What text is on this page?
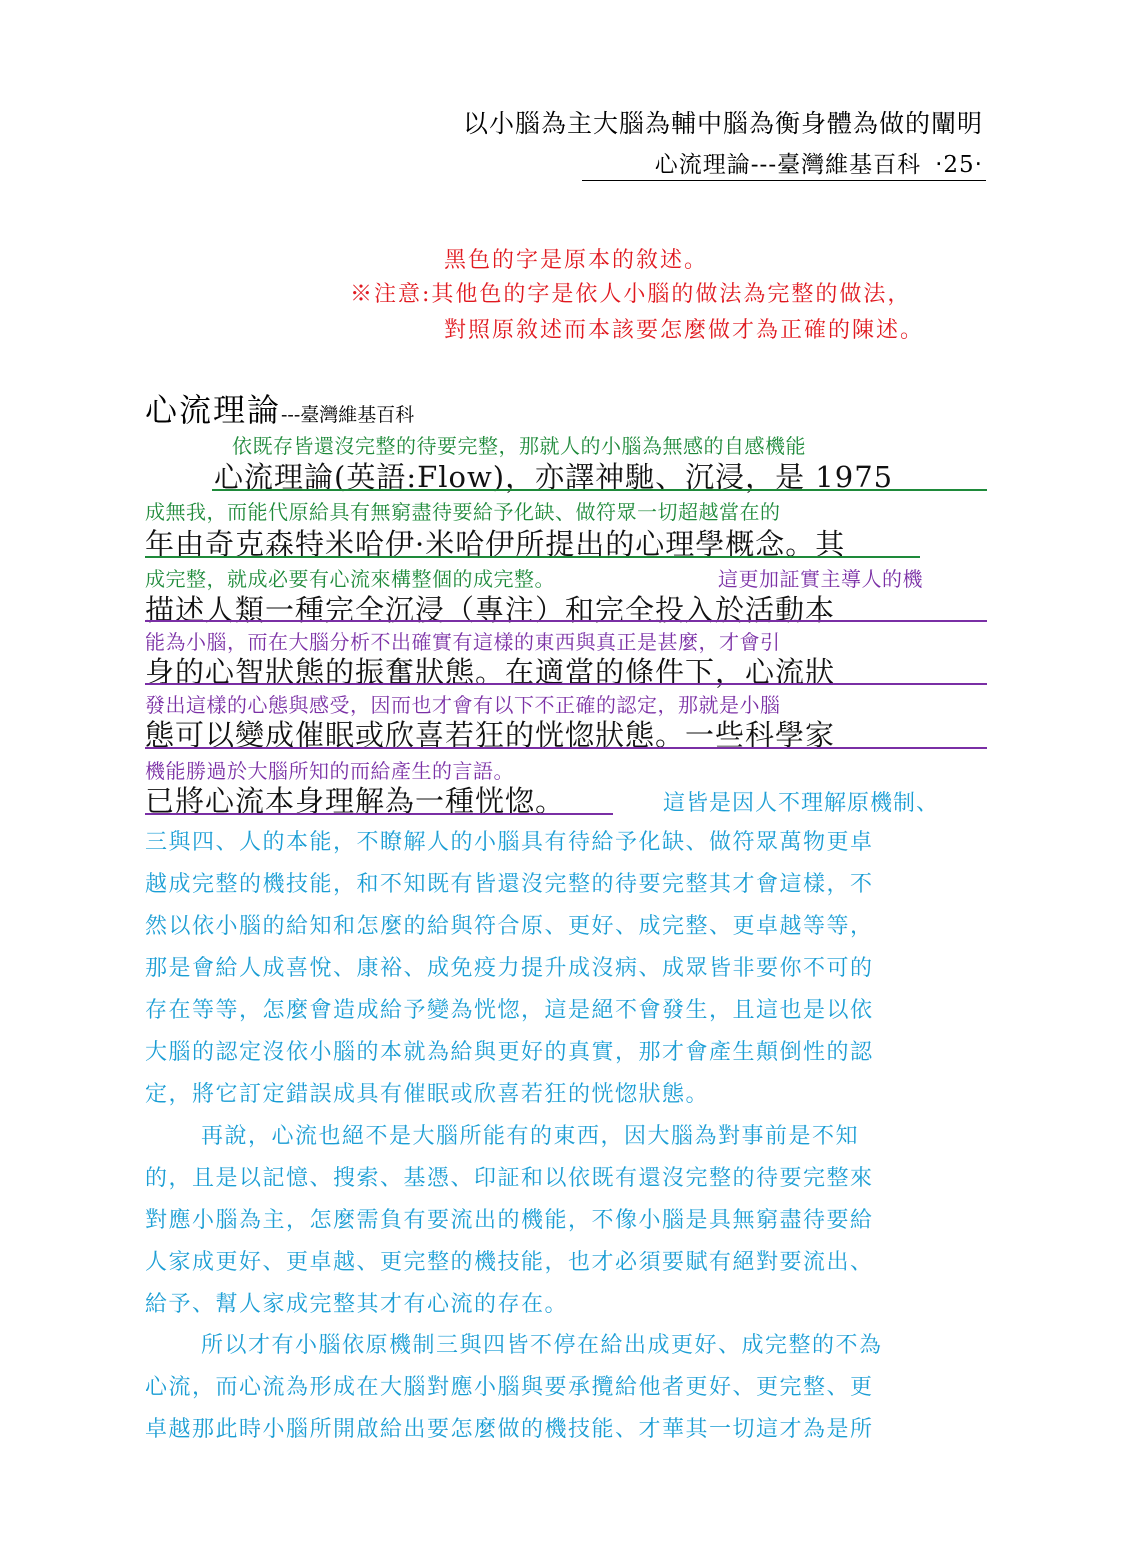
以小腦為主大腦為輔中腦為衡身體為做的闡明
心流理論---臺灣維基百科 ‧25‧
黑色的字是原本的敘述。
※注意:其他色的字是依人小腦的做法為完整的做法，
對照原敘述而本該要怎麼做才為正確的陳述。
心流理論---臺灣維基百科
依既存皆還沒完整的待要完整，那就人的小腦為無感的自感機能
心流理論(英語:Flow)，亦譯神馳、沉浸，是 1975
成無我，而能代原給具有無窮盡待要給予化缺、做符眾一切超越當在的
年由奇克森特米哈伊·米哈伊所提出的心理學概念。其
成完整，就成必要有心流來構整個的成完整。	這更加証實主導人的機
描述人類一種完全沉浸（專注）和完全投入於活動本
能為小腦，而在大腦分析不出確實有這樣的東西與真正是甚麼，才會引
身的心智狀態的振奮狀態。在適當的條件下，心流狀
發出這樣的心態與感受，因而也才會有以下不正確的認定，那就是小腦
態可以變成催眠或欣喜若狂的恍惚狀態。一些科學家
機能勝過於大腦所知的而給產生的言語。
已將心流本身理解為一種恍惚。	這皆是因人不理解原機制、
三與四、人的本能，不瞭解人的小腦具有待給予化缺、做符眾萬物更卓
越成完整的機技能，和不知既有皆還沒完整的待要完整其才會這樣，不
然以依小腦的給知和怎麼的給與符合原、更好、成完整、更卓越等等，
那是會給人成喜悅、康裕、成免疫力提升成沒病、成眾皆非要你不可的
存在等等，怎麼會造成給予變為恍惚，這是絕不會發生，且這也是以依
大腦的認定沒依小腦的本就為給與更好的真實，那才會產生顛倒性的認
定，將它訂定錯誤成具有催眠或欣喜若狂的恍惚狀態。
再說，心流也絕不是大腦所能有的東西，因大腦為對事前是不知
的，且是以記憶、搜索、基憑、印証和以依既有還沒完整的待要完整來
對應小腦為主，怎麼需負有要流出的機能，不像小腦是具無窮盡待要給
人家成更好、更卓越、更完整的機技能，也才必須要賦有絕對要流出、
給予、幫人家成完整其才有心流的存在。
所以才有小腦依原機制三與四皆不停在給出成更好、成完整的不為
心流，而心流為形成在大腦對應小腦與要承攬給他者更好、更完整、更
卓越那此時小腦所開啟給出要怎麼做的機技能、才華其一切這才為是所
